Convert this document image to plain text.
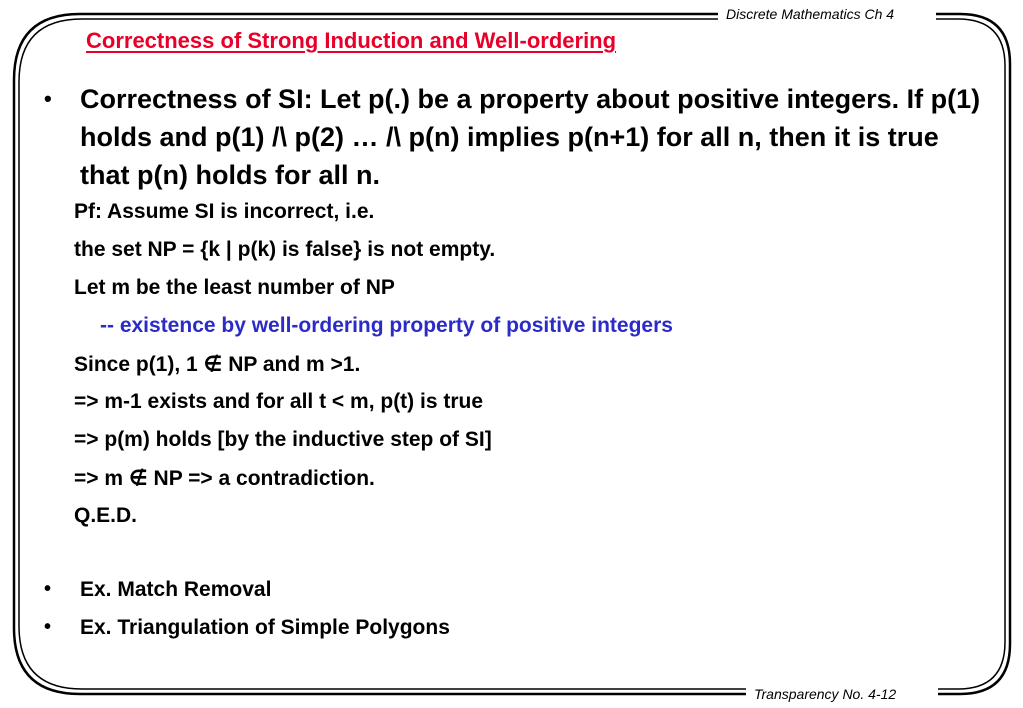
Discrete Mathematics Ch 4
Correctness of Strong Induction and Well-ordering
• Correctness of SI: Let p(.) be a property about positive integers. If p(1) holds and p(1) /\ p(2) … /\ p(n) implies p(n+1) for all n, then it is true that p(n) holds for all n.

Pf: Assume SI is incorrect, i.e.

the set NP = {k | p(k) is false} is not empty.

Let m be the least number of NP

-- existence by well-ordering property of positive integers

Since p(1), 1 ∉ NP and m >1.

=> m-1 exists and for all t < m, p(t) is true

=> p(m) holds [by the inductive step of SI]

=> m ∉ NP => a contradiction.

Q.E.D.

• Ex. Match Removal

• Ex. Triangulation of Simple Polygons

Transparency No. 4-12
